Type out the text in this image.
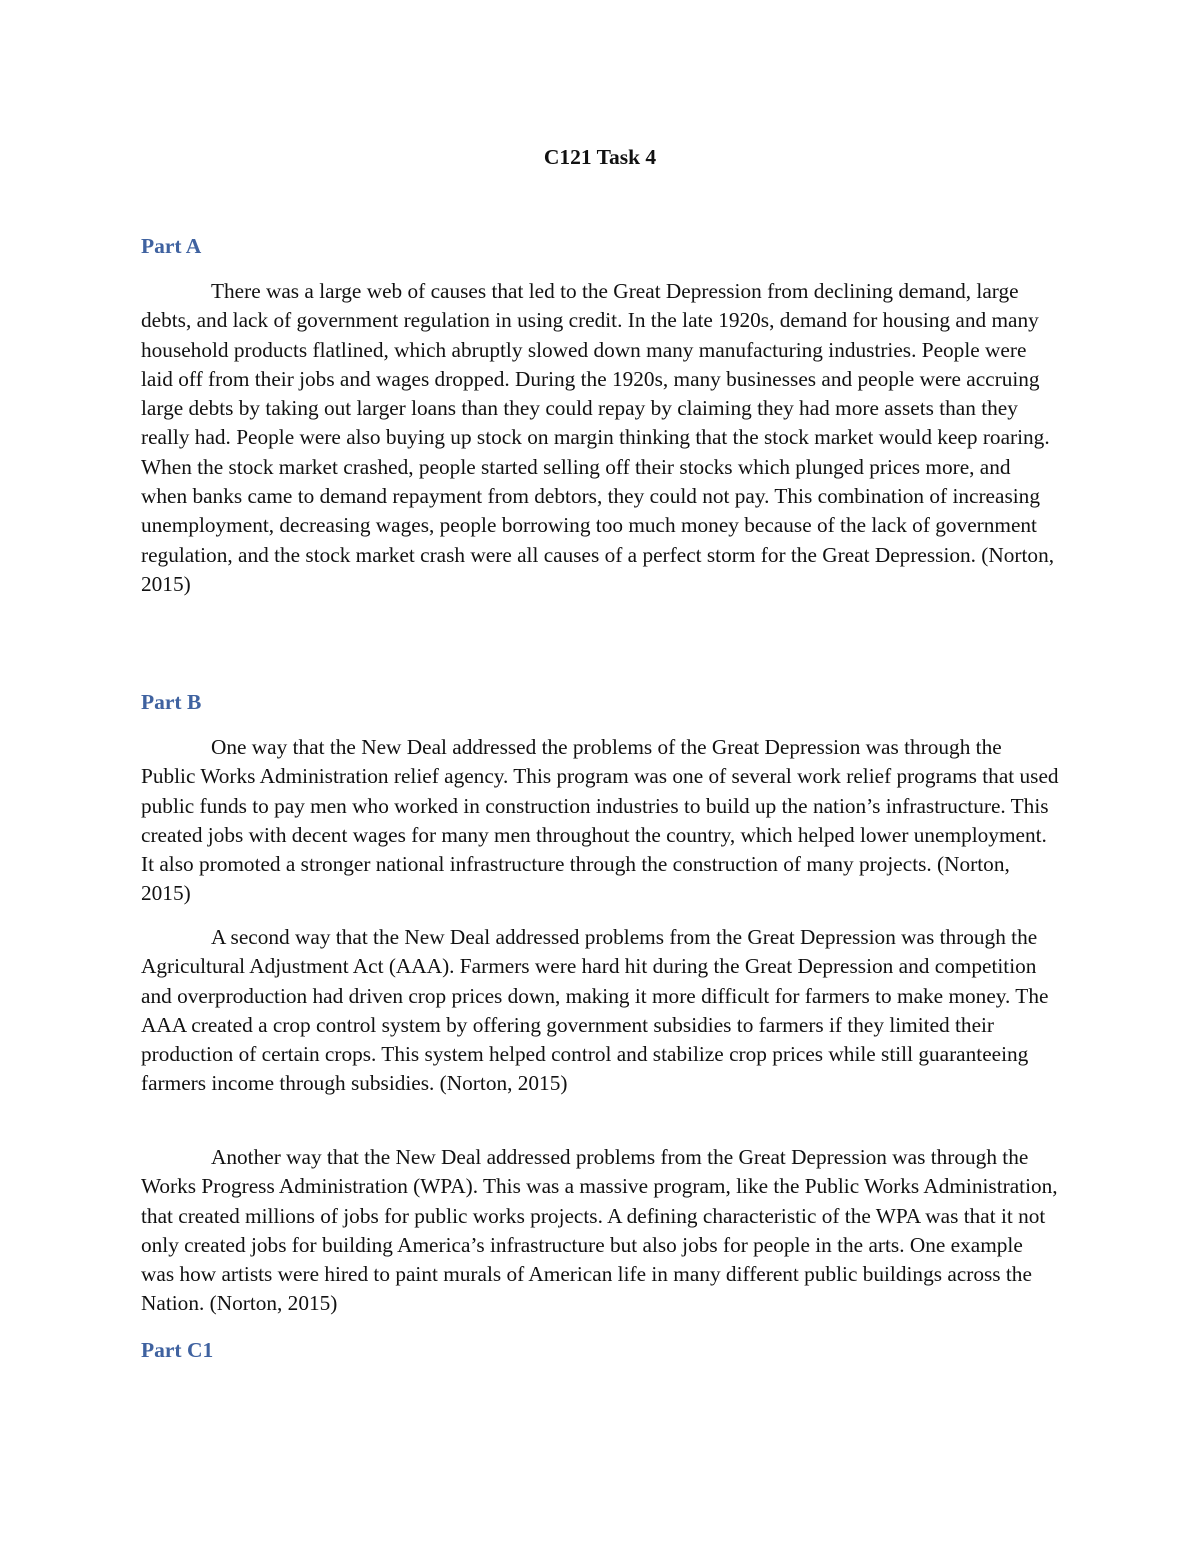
C121 Task 4
Part A

There was a large web of causes that led to the Great Depression from declining demand, large debts, and lack of government regulation in using credit. In the late 1920s, demand for housing and many household products flatlined, which abruptly slowed down many manufacturing industries. People were laid off from their jobs and wages dropped. During the 1920s, many businesses and people were accruing large debts by taking out larger loans than they could repay by claiming they had more assets than they really had. People were also buying up stock on margin thinking that the stock market would keep roaring. When the stock market crashed, people started selling off their stocks which plunged prices more, and when banks came to demand repayment from debtors, they could not pay. This combination of increasing unemployment, decreasing wages, people borrowing too much money because of the lack of government regulation, and the stock market crash were all causes of a perfect storm for the Great Depression. (Norton, 2015)

Part B

One way that the New Deal addressed the problems of the Great Depression was through the Public Works Administration relief agency. This program was one of several work relief programs that used public funds to pay men who worked in construction industries to build up the nation’s infrastructure. This created jobs with decent wages for many men throughout the country, which helped lower unemployment. It also promoted a stronger national infrastructure through the construction of many projects. (Norton, 2015)

A second way that the New Deal addressed problems from the Great Depression was through the Agricultural Adjustment Act (AAA). Farmers were hard hit during the Great Depression and competition and overproduction had driven crop prices down, making it more difficult for farmers to make money. The AAA created a crop control system by offering government subsidies to farmers if they limited their production of certain crops. This system helped control and stabilize crop prices while still guaranteeing farmers income through subsidies. (Norton, 2015)

Another way that the New Deal addressed problems from the Great Depression was through the Works Progress Administration (WPA). This was a massive program, like the Public Works Administration, that created millions of jobs for public works projects. A defining characteristic of the WPA was that it not only created jobs for building America’s infrastructure but also jobs for people in the arts. One example was how artists were hired to paint murals of American life in many different public buildings across the Nation. (Norton, 2015)

Part C1
